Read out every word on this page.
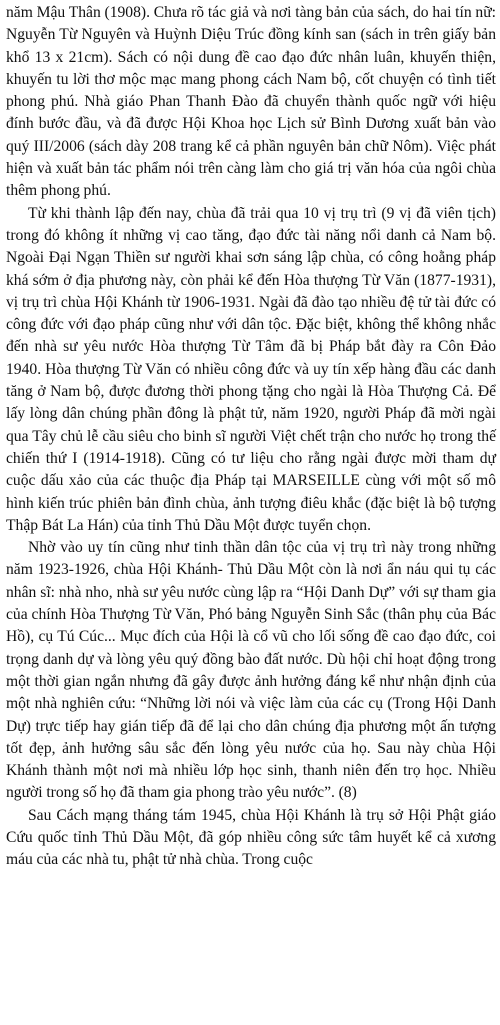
năm Mậu Thân (1908). Chưa rõ tác giả và nơi tàng bản của sách, do hai tín nữ: Nguyễn Từ Nguyên và Huỳnh Diệu Trúc đồng kính san (sách in trên giấy bản khổ 13 x 21cm). Sách có nội dung đề cao đạo đức nhân luân, khuyến thiện, khuyến tu lời thơ mộc mạc mang phong cách Nam bộ, cốt chuyện có tình tiết phong phú. Nhà giáo Phan Thanh Đào đã chuyển thành quốc ngữ với hiệu đính bước đầu, và đã được Hội Khoa học Lịch sử Bình Dương xuất bản vào quý III/2006 (sách dày 208 trang kể cả phần nguyên bản chữ Nôm). Việc phát hiện và xuất bản tác phẩm nói trên càng làm cho giá trị văn hóa của ngôi chùa thêm phong phú.

Từ khi thành lập đến nay, chùa đã trải qua 10 vị trụ trì (9 vị đã viên tịch) trong đó không ít những vị cao tăng, đạo đức tài năng nổi danh cả Nam bộ. Ngoài Đại Ngạn Thiền sư người khai sơn sáng lập chùa, có công hoằng pháp khá sớm ở địa phương này, còn phải kể đến Hòa thượng Từ Văn (1877-1931), vị trụ trì chùa Hội Khánh từ 1906-1931. Ngài đã đào tạo nhiều đệ tử tài đức có công đức với đạo pháp cũng như với dân tộc. Đặc biệt, không thể không nhắc đến nhà sư yêu nước Hòa thượng Từ Tâm đã bị Pháp bắt đày ra Côn Đảo 1940. Hòa thượng Từ Văn có nhiều công đức và uy tín xếp hàng đầu các danh tăng ở Nam bộ, được đương thời phong tặng cho ngài là Hòa Thượng Cả. Để lấy lòng dân chúng phần đông là phật tử, năm 1920, người Pháp đã mời ngài qua Tây chủ lễ cầu siêu cho binh sĩ người Việt chết trận cho nước họ trong thế chiến thứ I (1914-1918). Cũng có tư liệu cho rằng ngài được mời tham dự cuộc dấu xảo của các thuộc địa Pháp tại MARSEILLE cùng với một số mô hình kiến trúc phiên bản đình chùa, ảnh tượng điêu khắc (đặc biệt là bộ tượng Thập Bát La Hán) của tỉnh Thủ Dầu Một được tuyển chọn.

Nhờ vào uy tín cũng như tinh thần dân tộc của vị trụ trì này trong những năm 1923-1926, chùa Hội Khánh- Thủ Dầu Một còn là nơi ẩn náu qui tụ các nhân sĩ: nhà nho, nhà sư yêu nước cùng lập ra “Hội Danh Dự” với sự tham gia của chính Hòa Thượng Từ Văn, Phó bảng Nguyễn Sinh Sắc (thân phụ của Bác Hồ), cụ Tú Cúc... Mục đích của Hội là cổ vũ cho lối sống đề cao đạo đức, coi trọng danh dự và lòng yêu quý đồng bào đất nước. Dù hội chỉ hoạt động trong một thời gian ngắn nhưng đã gây được ảnh hưởng đáng kể như nhận định của một nhà nghiên cứu: “Những lời nói và việc làm của các cụ (Trong Hội Danh Dự) trực tiếp hay gián tiếp đã để lại cho dân chúng địa phương một ấn tượng tốt đẹp, ảnh hưởng sâu sắc đến lòng yêu nước của họ. Sau này chùa Hội Khánh thành một nơi mà nhiều lớp học sinh, thanh niên đến trọ học. Nhiều người trong số họ đã tham gia phong trào yêu nước”. (8)

Sau Cách mạng tháng tám 1945, chùa Hội Khánh là trụ sở Hội Phật giáo Cứu quốc tỉnh Thủ Dầu Một, đã góp nhiều công sức tâm huyết kể cả xương máu của các nhà tu, phật tử nhà chùa. Trong cuộc
